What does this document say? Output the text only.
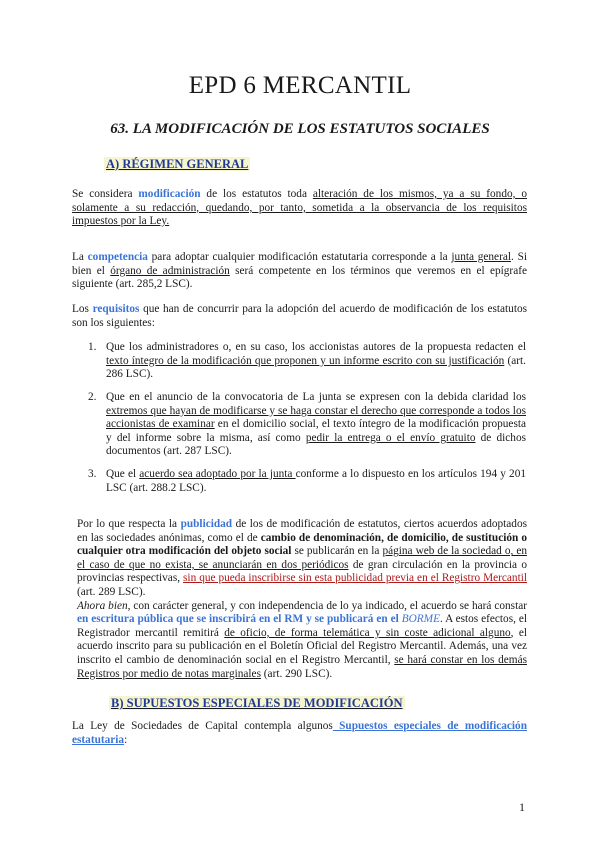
EPD 6 MERCANTIL
63. LA MODIFICACIÓN DE LOS ESTATUTOS SOCIALES
A) RÉGIMEN GENERAL
Se considera modificación de los estatutos toda alteración de los mismos, ya a su fondo, o solamente a su redacción, quedando, por tanto, sometida a la observancia de los requisitos impuestos por la Ley.
La competencia para adoptar cualquier modificación estatutaria corresponde a la junta general. Si bien el órgano de administración será competente en los términos que veremos en el epígrafe siguiente (art. 285,2 LSC).
Los requisitos que han de concurrir para la adopción del acuerdo de modificación de los estatutos son los siguientes:
1. Que los administradores o, en su caso, los accionistas autores de la propuesta redacten el texto íntegro de la modificación que proponen y un informe escrito con su justificación (art. 286 LSC).
2. Que en el anuncio de la convocatoria de La junta se expresen con la debida claridad los extremos que hayan de modificarse y se haga constar el derecho que corresponde a todos los accionistas de examinar en el domicilio social, el texto íntegro de la modificación propuesta y del informe sobre la misma, así como pedir la entrega o el envío gratuito de dichos documentos (art. 287 LSC).
3. Que el acuerdo sea adoptado por la junta conforme a lo dispuesto en los artículos 194 y 201 LSC (art. 288.2 LSC).
Por lo que respecta la publicidad de los de modificación de estatutos, ciertos acuerdos adoptados en las sociedades anónimas, como el de cambio de denominación, de domicilio, de sustitución o cualquier otra modificación del objeto social se publicarán en la página web de la sociedad o, en el caso de que no exista, se anunciarán en dos periódicos de gran circulación en la provincia o provincias respectivas, sin que pueda inscribirse sin esta publicidad previa en el Registro Mercantil (art. 289 LSC).
Ahora bien, con carácter general, y con independencia de lo ya indicado, el acuerdo se hará constar en escritura pública que se inscribirá en el RM y se publicará en el BORME. A estos efectos, el Registrador mercantil remitirá de oficio, de forma telemática y sin coste adicional alguno, el acuerdo inscrito para su publicación en el Boletín Oficial del Registro Mercantil. Además, una vez inscrito el cambio de denominación social en el Registro Mercantil, se hará constar en los demás Registros por medio de notas marginales (art. 290 LSC).
B) SUPUESTOS ESPECIALES DE MODIFICACIÓN
La Ley de Sociedades de Capital contempla algunos Supuestos especiales de modificación estatutaria:
1
